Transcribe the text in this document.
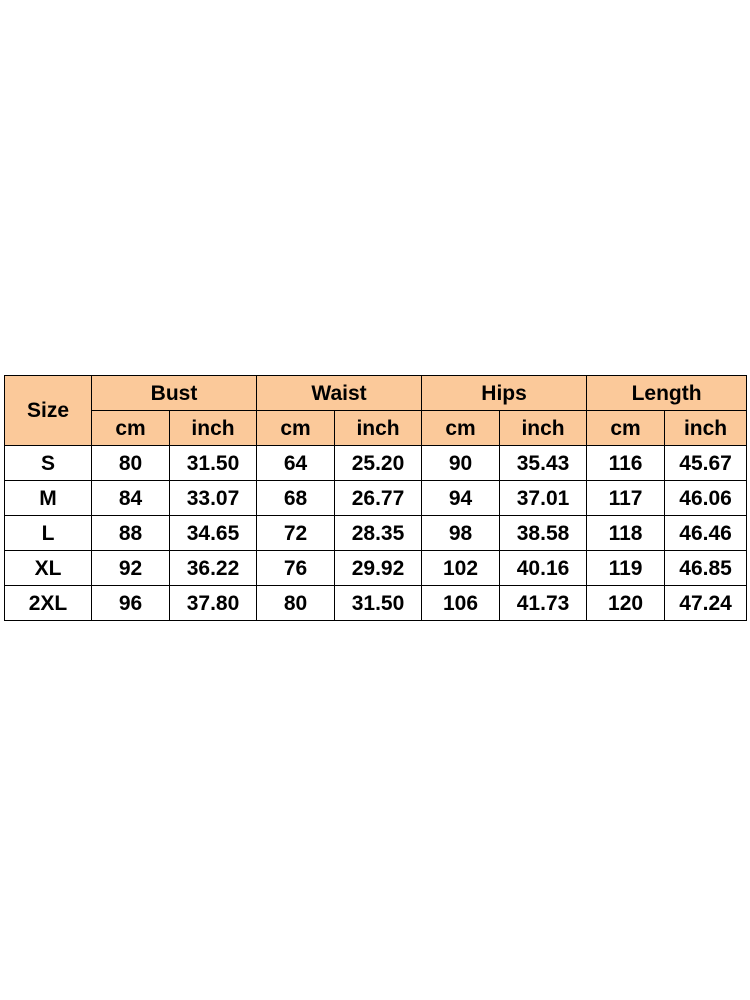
Size	Bust		Waist		Hips		Length	
	cm	inch	cm	inch	cm	inch	cm	inch
S	80	31.50	64	25.20	90	35.43	116	45.67
M	84	33.07	68	26.77	94	37.01	117	46.06
L	88	34.65	72	28.35	98	38.58	118	46.46
XL	92	36.22	76	29.92	102	40.16	119	46.85
2XL	96	37.80	80	31.50	106	41.73	120	47.24
